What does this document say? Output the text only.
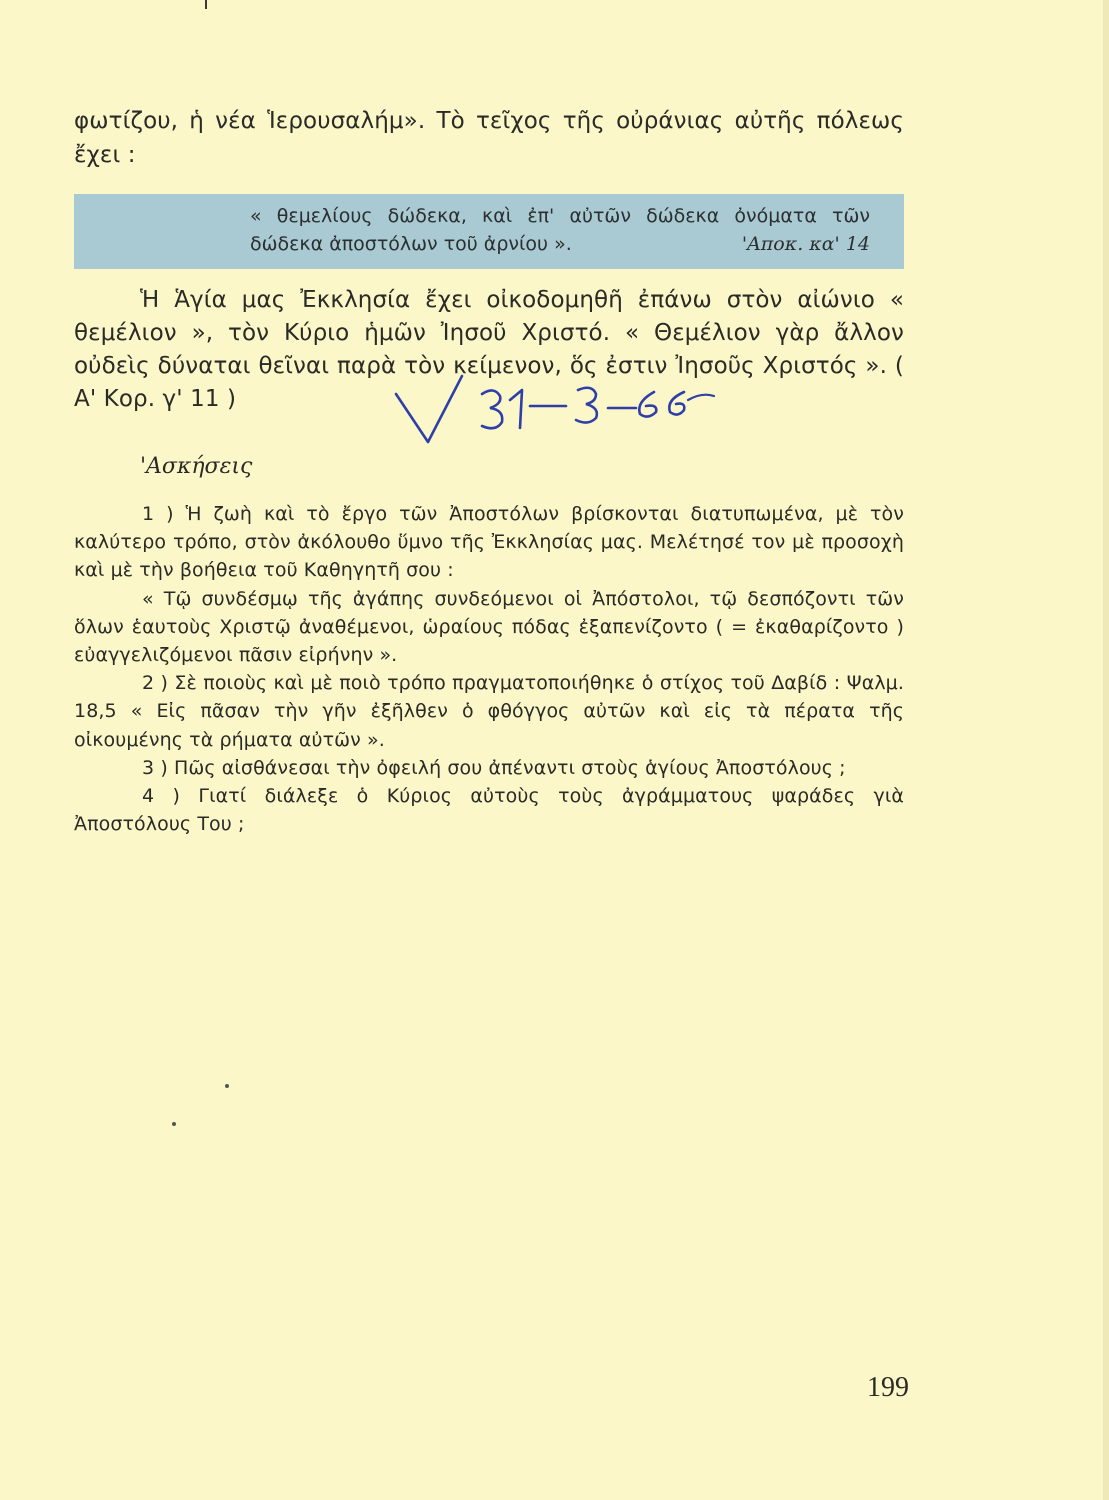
φωτίζου, ἡ νέα Ἱερουσαλήμ». Τὸ τεῖχος τῆς οὐράνιας αὐτῆς πόλεως ἔχει :

« θεμελίους δώδεκα, καὶ ἐπ' αὐτῶν δώδεκα ὀνόματα τῶν

δώδεκα ἀποστόλων τοῦ ἀρνίου ».	'Αποκ. κα' 14

Ἡ Ἁγία μας Ἐκκλησία ἔχει οἰκοδομηθῆ ἐπάνω στὸν αἰώνιο « θεμέλιον », τὸν Κύριο ἡμῶν Ἰησοῦ Χριστό. « Θεμέλιον γὰρ ἄλλον οὐδεὶς δύναται θεῖναι παρὰ τὸν κείμενον, ὅς ἐστιν Ἰησοῦς Χριστός ». ( Α' Κορ. γ' 11 )

'Ασκήσεις

1 ) Ἡ ζωὴ καὶ τὸ ἔργο τῶν Ἀποστόλων βρίσκονται διατυπωμένα, μὲ τὸν καλύτερο τρόπο, στὸν ἀκόλουθο ὕμνο τῆς Ἐκκλησίας μας. Μελέτησέ τον μὲ προσοχὴ καὶ μὲ τὴν βοήθεια τοῦ Καθηγητῆ σου :

« Τῷ συνδέσμῳ τῆς ἀγάπης συνδεόμενοι οἱ Ἀπόστολοι, τῷ δεσπόζοντι τῶν ὅλων ἑαυτοὺς Χριστῷ ἀναθέμενοι, ὡραίους πόδας ἐξαπενίζοντο ( = ἐκαθαρίζοντο ) εὐαγγελιζόμενοι πᾶσιν εἰρήνην ».

2 ) Σὲ ποιοὺς καὶ μὲ ποιὸ τρόπο πραγματοποιήθηκε ὁ στίχος τοῦ Δαβίδ : Ψαλμ. 18,5 « Εἰς πᾶσαν τὴν γῆν ἐξῆλθεν ὁ φθόγγος αὐτῶν καὶ εἰς τὰ πέρατα τῆς οἰκουμένης τὰ ρήματα αὐτῶν ».

3 ) Πῶς αἰσθάνεσαι τὴν ὀφειλή σου ἀπέναντι στοὺς ἁγίους Ἀποστόλους ;

4 ) Γιατί διάλεξε ὁ Κύριος αὐτοὺς τοὺς ἀγράμματους ψαράδες γιὰ Ἀποστόλους Του ;

199
